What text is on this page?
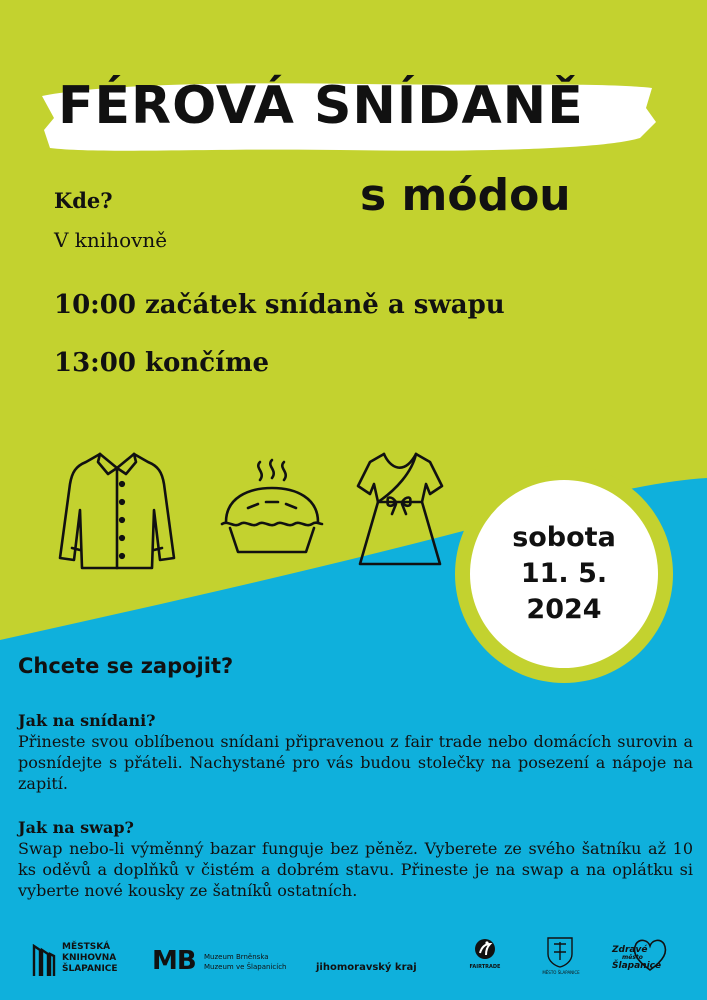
FÉROVÁ SNÍDANĚ
s módou
Kde?
V knihovně
10:00 začátek snídaně a swapu
13:00 končíme
sobota
11. 5.
2024
Chcete se zapojit?
Jak na snídani?
Přineste svou oblíbenou snídani připravenou z fair trade nebo domácích surovin a posnídejte s přáteli. Nachystané pro vás budou stolečky na posezení a nápoje na zapití.
Jak na swap?
Swap nebo-li výměnný bazar funguje bez pěněz. Vyberete ze svého šatníku až 10 ks oděvů a doplňků v čistém a dobrém stavu. Přineste je na swap a na oplátku si vyberte nové kousky ze šatníků ostatních.
MĚSTSKÁ
KNIHOVNA
ŠLAPANICE MB Muzeum Brněnska
Muzeum ve Šlapanicích	jihomoravský kraj	FAIRTRADE
MĚSTO ŠLAPANICE
Zdravé
město
Šlapanice
